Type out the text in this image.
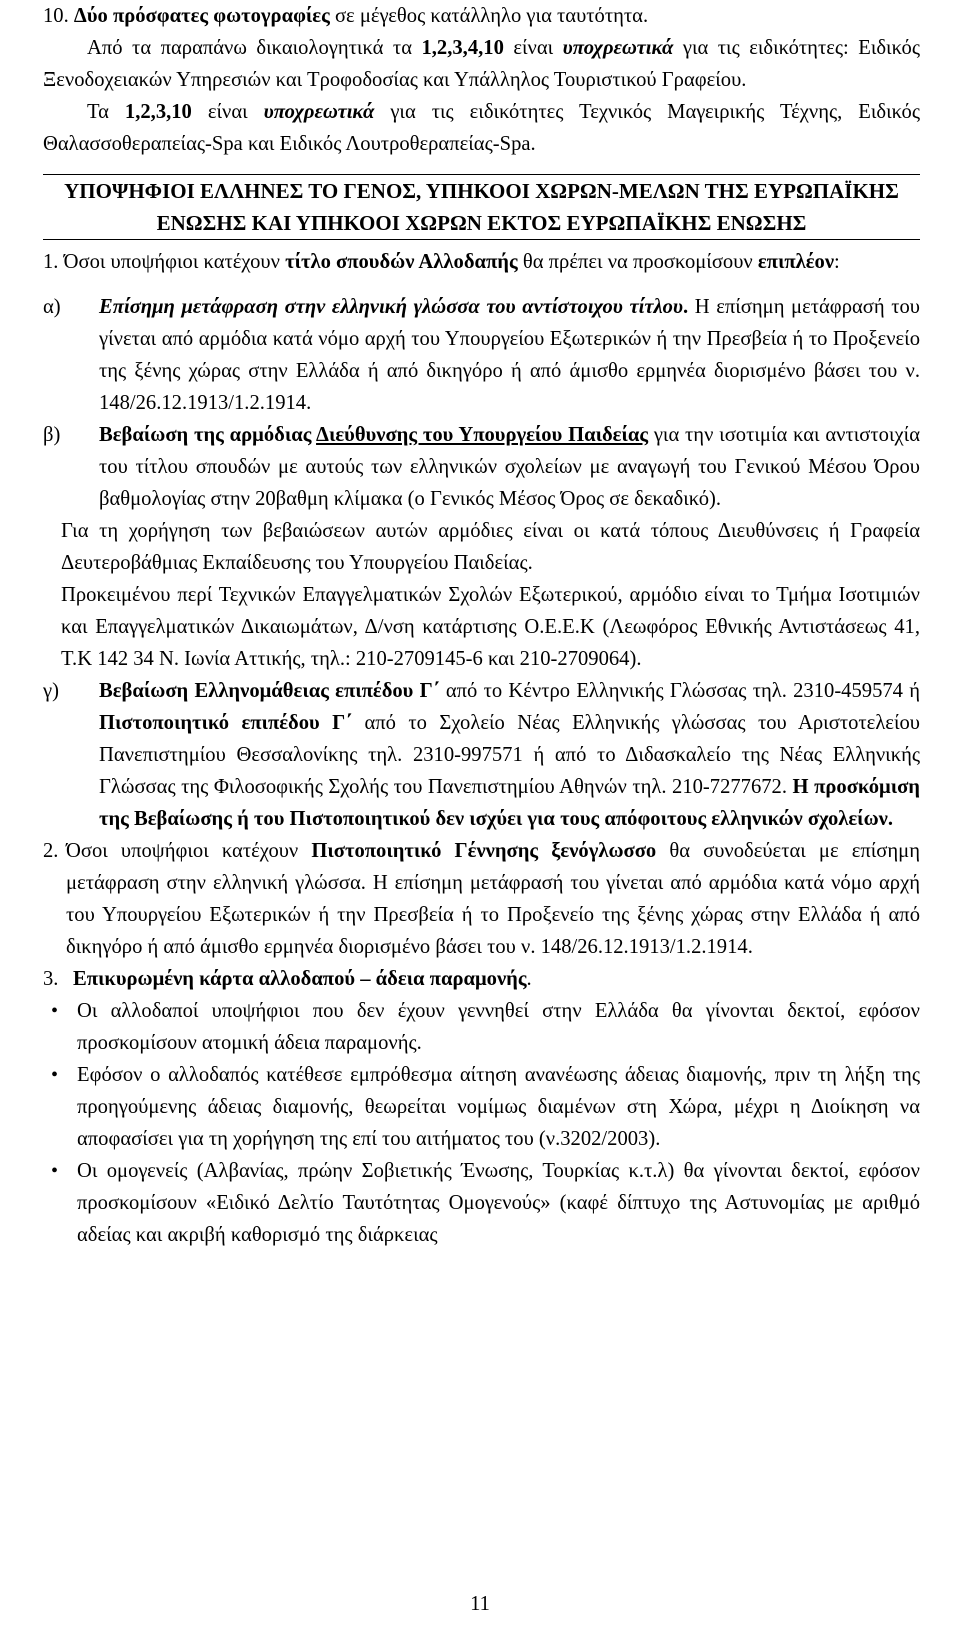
10. Δύο πρόσφατες φωτογραφίες σε μέγεθος κατάλληλο για ταυτότητα.
Από τα παραπάνω δικαιολογητικά τα 1,2,3,4,10 είναι υποχρεωτικά για τις ειδικότητες: Ειδικός Ξενοδοχειακών Υπηρεσιών και Τροφοδοσίας και Υπάλληλος Τουριστικού Γραφείου.
Τα 1,2,3,10 είναι υποχρεωτικά για τις ειδικότητες Τεχνικός Μαγειρικής Τέχνης, Ειδικός Θαλασσοθεραπείας-Spa και Ειδικός Λουτροθεραπείας-Spa.
ΥΠΟΨΗΦΙΟΙ ΕΛΛΗΝΕΣ ΤΟ ΓΕΝΟΣ, ΥΠΗΚΟΟΙ ΧΩΡΩΝ-ΜΕΛΩΝ ΤΗΣ ΕΥΡΩΠΑΪΚΗΣ ΕΝΩΣΗΣ ΚΑΙ ΥΠΗΚΟΟΙ ΧΩΡΩΝ ΕΚΤΟΣ ΕΥΡΩΠΑΪΚΗΣ ΕΝΩΣΗΣ
1. Όσοι υποψήφιοι κατέχουν τίτλο σπουδών Αλλοδαπής θα πρέπει να προσκομίσουν επιπλέον:
α) Επίσημη μετάφραση στην ελληνική γλώσσα του αντίστοιχου τίτλου. Η επίσημη μετάφρασή του γίνεται από αρμόδια κατά νόμο αρχή του Υπουργείου Εξωτερικών ή την Πρεσβεία ή το Προξενείο της ξένης χώρας στην Ελλάδα ή από δικηγόρο ή από άμισθο ερμηνέα διορισμένο βάσει του ν. 148/26.12.1913/1.2.1914.
β) Βεβαίωση της αρμόδιας Διεύθυνσης του Υπουργείου Παιδείας για την ισοτιμία και αντιστοιχία του τίτλου σπουδών με αυτούς των ελληνικών σχολείων με αναγωγή του Γενικού Μέσου Όρου βαθμολογίας στην 20βαθμη κλίμακα (ο Γενικός Μέσος Όρος σε δεκαδικό).
Για τη χορήγηση των βεβαιώσεων αυτών αρμόδιες είναι οι κατά τόπους Διευθύνσεις ή Γραφεία Δευτεροβάθμιας Εκπαίδευσης του Υπουργείου Παιδείας.
Προκειμένου περί Τεχνικών Επαγγελματικών Σχολών Εξωτερικού, αρμόδιο είναι το Τμήμα Ισοτιμιών και Επαγγελματικών Δικαιωμάτων, Δ/νση κατάρτισης Ο.Ε.Ε.Κ (Λεωφόρος Εθνικής Αντιστάσεως 41, Τ.Κ 142 34 Ν. Ιωνία Αττικής, τηλ.: 210-2709145-6 και 210-2709064).
γ) Βεβαίωση Ελληνομάθειας επιπέδου Γ΄ από το Κέντρο Ελληνικής Γλώσσας τηλ. 2310-459574 ή Πιστοποιητικό επιπέδου Γ΄ από το Σχολείο Νέας Ελληνικής γλώσσας του Αριστοτελείου Πανεπιστημίου Θεσσαλονίκης τηλ. 2310-997571 ή από το Διδασκαλείο της Νέας Ελληνικής Γλώσσας της Φιλοσοφικής Σχολής του Πανεπιστημίου Αθηνών τηλ. 210-7277672. Η προσκόμιση της Βεβαίωσης ή του Πιστοποιητικού δεν ισχύει για τους απόφοιτους ελληνικών σχολείων.
2. Όσοι υποψήφιοι κατέχουν Πιστοποιητικό Γέννησης ξενόγλωσσο θα συνοδεύεται με επίσημη μετάφραση στην ελληνική γλώσσα. Η επίσημη μετάφρασή του γίνεται από αρμόδια κατά νόμο αρχή του Υπουργείου Εξωτερικών ή την Πρεσβεία ή το Προξενείο της ξένης χώρας στην Ελλάδα ή από δικηγόρο ή από άμισθο ερμηνέα διορισμένο βάσει του ν. 148/26.12.1913/1.2.1914.
3. Επικυρωμένη κάρτα αλλοδαπού – άδεια παραμονής.
• Οι αλλοδαποί υποψήφιοι που δεν έχουν γεννηθεί στην Ελλάδα θα γίνονται δεκτοί, εφόσον προσκομίσουν ατομική άδεια παραμονής.
• Εφόσον ο αλλοδαπός κατέθεσε εμπρόθεσμα αίτηση ανανέωσης άδειας διαμονής, πριν τη λήξη της προηγούμενης άδειας διαμονής, θεωρείται νομίμως διαμένων στη Χώρα, μέχρι η Διοίκηση να αποφασίσει για τη χορήγηση της επί του αιτήματος του (ν.3202/2003).
• Οι ομογενείς (Αλβανίας, πρώην Σοβιετικής Ένωσης, Τουρκίας κ.τ.λ) θα γίνονται δεκτοί, εφόσον προσκομίσουν «Ειδικό Δελτίο Ταυτότητας Ομογενούς» (καφέ δίπτυχο της Αστυνομίας με αριθμό αδείας και ακριβή καθορισμό της διάρκειας
11
